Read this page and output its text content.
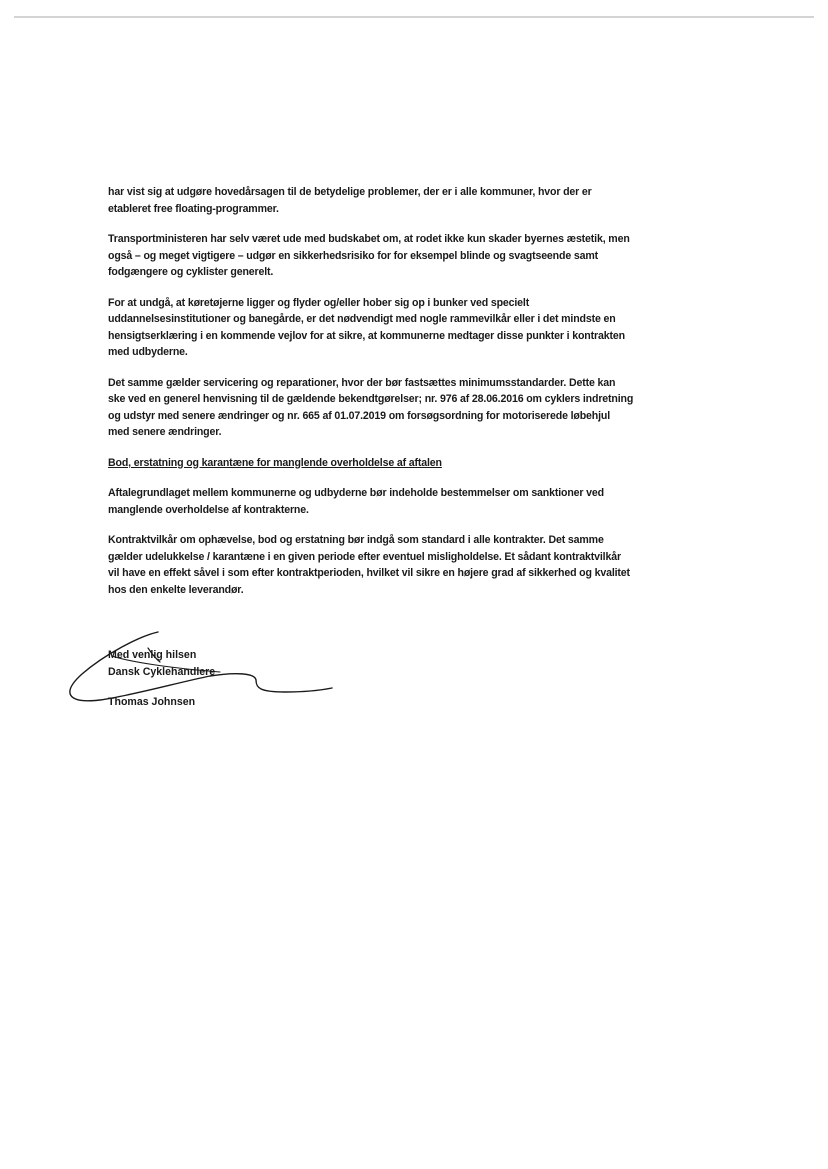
har vist sig at udgøre hovedårsagen til de betydelige problemer, der er i alle kommuner, hvor der er
etableret free floating-programmer.

Transportministeren har selv været ude med budskabet om, at rodet ikke kun skader byernes æstetik, men
også – og meget vigtigere – udgør en sikkerhedsrisiko for for eksempel blinde og svagtseende samt
fodgængere og cyklister generelt.

For at undgå, at køretøjerne ligger og flyder og/eller hober sig op i bunker ved specielt
uddannelsesinstitutioner og banegårde, er det nødvendigt med nogle rammevilkår eller i det mindste en
hensigtserklæring i en kommende vejlov for at sikre, at kommunerne medtager disse punkter i kontrakten
med udbyderne.

Det samme gælder servicering og reparationer, hvor der bør fastsættes minimumsstandarder. Dette kan
ske ved en generel henvisning til de gældende bekendtgørelser; nr. 976 af 28.06.2016 om cyklers indretning
og udstyr med senere ændringer og nr. 665 af 01.07.2019 om forsøgsordning for motoriserede løbehjul
med senere ændringer.

Bod, erstatning og karantæne for manglende overholdelse af aftalen

Aftalegrundlaget mellem kommunerne og udbyderne bør indeholde bestemmelser om sanktioner ved
manglende overholdelse af kontrakterne.

Kontraktvilkår om ophævelse, bod og erstatning bør indgå som standard i alle kontrakter. Det samme
gælder udelukkelse / karantæne i en given periode efter eventuel misligholdelse. Et sådant kontraktvilkår
vil have en effekt såvel i som efter kontraktperioden, hvilket vil sikre en højere grad af sikkerhed og kvalitet
hos den enkelte leverandør.

Med venlig hilsen
Dansk Cyklehandlere
Thomas Johnsen
